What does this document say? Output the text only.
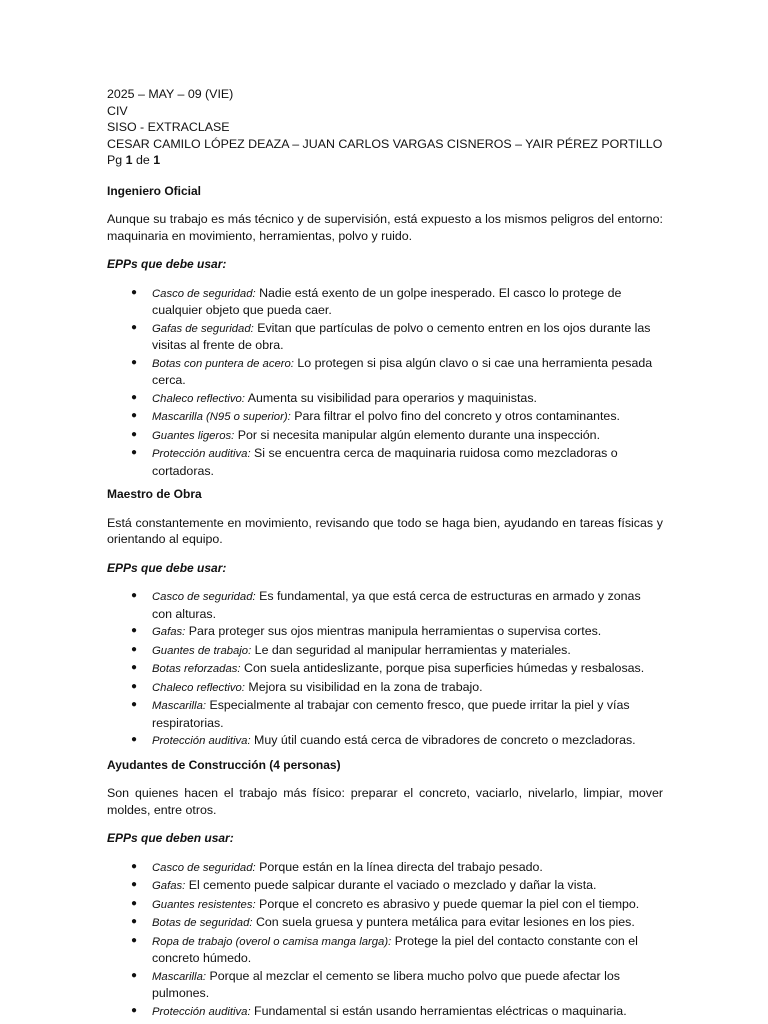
2025 – MAY – 09 (VIE)

CIV

SISO - EXTRACLASE

CESAR CAMILO LÓPEZ DEAZA – JUAN CARLOS VARGAS CISNEROS – YAIR PÉREZ PORTILLO

Pg 1 de 1

Ingeniero Oficial

Aunque su trabajo es más técnico y de supervisión, está expuesto a los mismos peligros del entorno: maquinaria en movimiento, herramientas, polvo y ruido.

EPPs que debe usar:

● Casco de seguridad: Nadie está exento de un golpe inesperado. El casco lo protege de cualquier objeto que pueda caer.
● Gafas de seguridad: Evitan que partículas de polvo o cemento entren en los ojos durante las visitas al frente de obra.
● Botas con puntera de acero: Lo protegen si pisa algún clavo o si cae una herramienta pesada cerca.
● Chaleco reflectivo: Aumenta su visibilidad para operarios y maquinistas.
● Mascarilla (N95 o superior): Para filtrar el polvo fino del concreto y otros contaminantes.
● Guantes ligeros: Por si necesita manipular algún elemento durante una inspección.
● Protección auditiva: Si se encuentra cerca de maquinaria ruidosa como mezcladoras o cortadoras.

Maestro de Obra

Está constantemente en movimiento, revisando que todo se haga bien, ayudando en tareas físicas y orientando al equipo.

EPPs que debe usar:

● Casco de seguridad: Es fundamental, ya que está cerca de estructuras en armado y zonas con alturas.
● Gafas: Para proteger sus ojos mientras manipula herramientas o supervisa cortes.
● Guantes de trabajo: Le dan seguridad al manipular herramientas y materiales.
● Botas reforzadas: Con suela antideslizante, porque pisa superficies húmedas y resbalosas.
● Chaleco reflectivo: Mejora su visibilidad en la zona de trabajo.
● Mascarilla: Especialmente al trabajar con cemento fresco, que puede irritar la piel y vías respiratorias.
● Protección auditiva: Muy útil cuando está cerca de vibradores de concreto o mezcladoras.

Ayudantes de Construcción (4 personas)

Son quienes hacen el trabajo más físico: preparar el concreto, vaciarlo, nivelarlo, limpiar, mover moldes, entre otros.

EPPs que deben usar:

● Casco de seguridad: Porque están en la línea directa del trabajo pesado.
● Gafas: El cemento puede salpicar durante el vaciado o mezclado y dañar la vista.
● Guantes resistentes: Porque el concreto es abrasivo y puede quemar la piel con el tiempo.
● Botas de seguridad: Con suela gruesa y puntera metálica para evitar lesiones en los pies.
● Ropa de trabajo (overol o camisa manga larga): Protege la piel del contacto constante con el concreto húmedo.
● Mascarilla: Porque al mezclar el cemento se libera mucho polvo que puede afectar los pulmones.
● Protección auditiva: Fundamental si están usando herramientas eléctricas o maquinaria.
